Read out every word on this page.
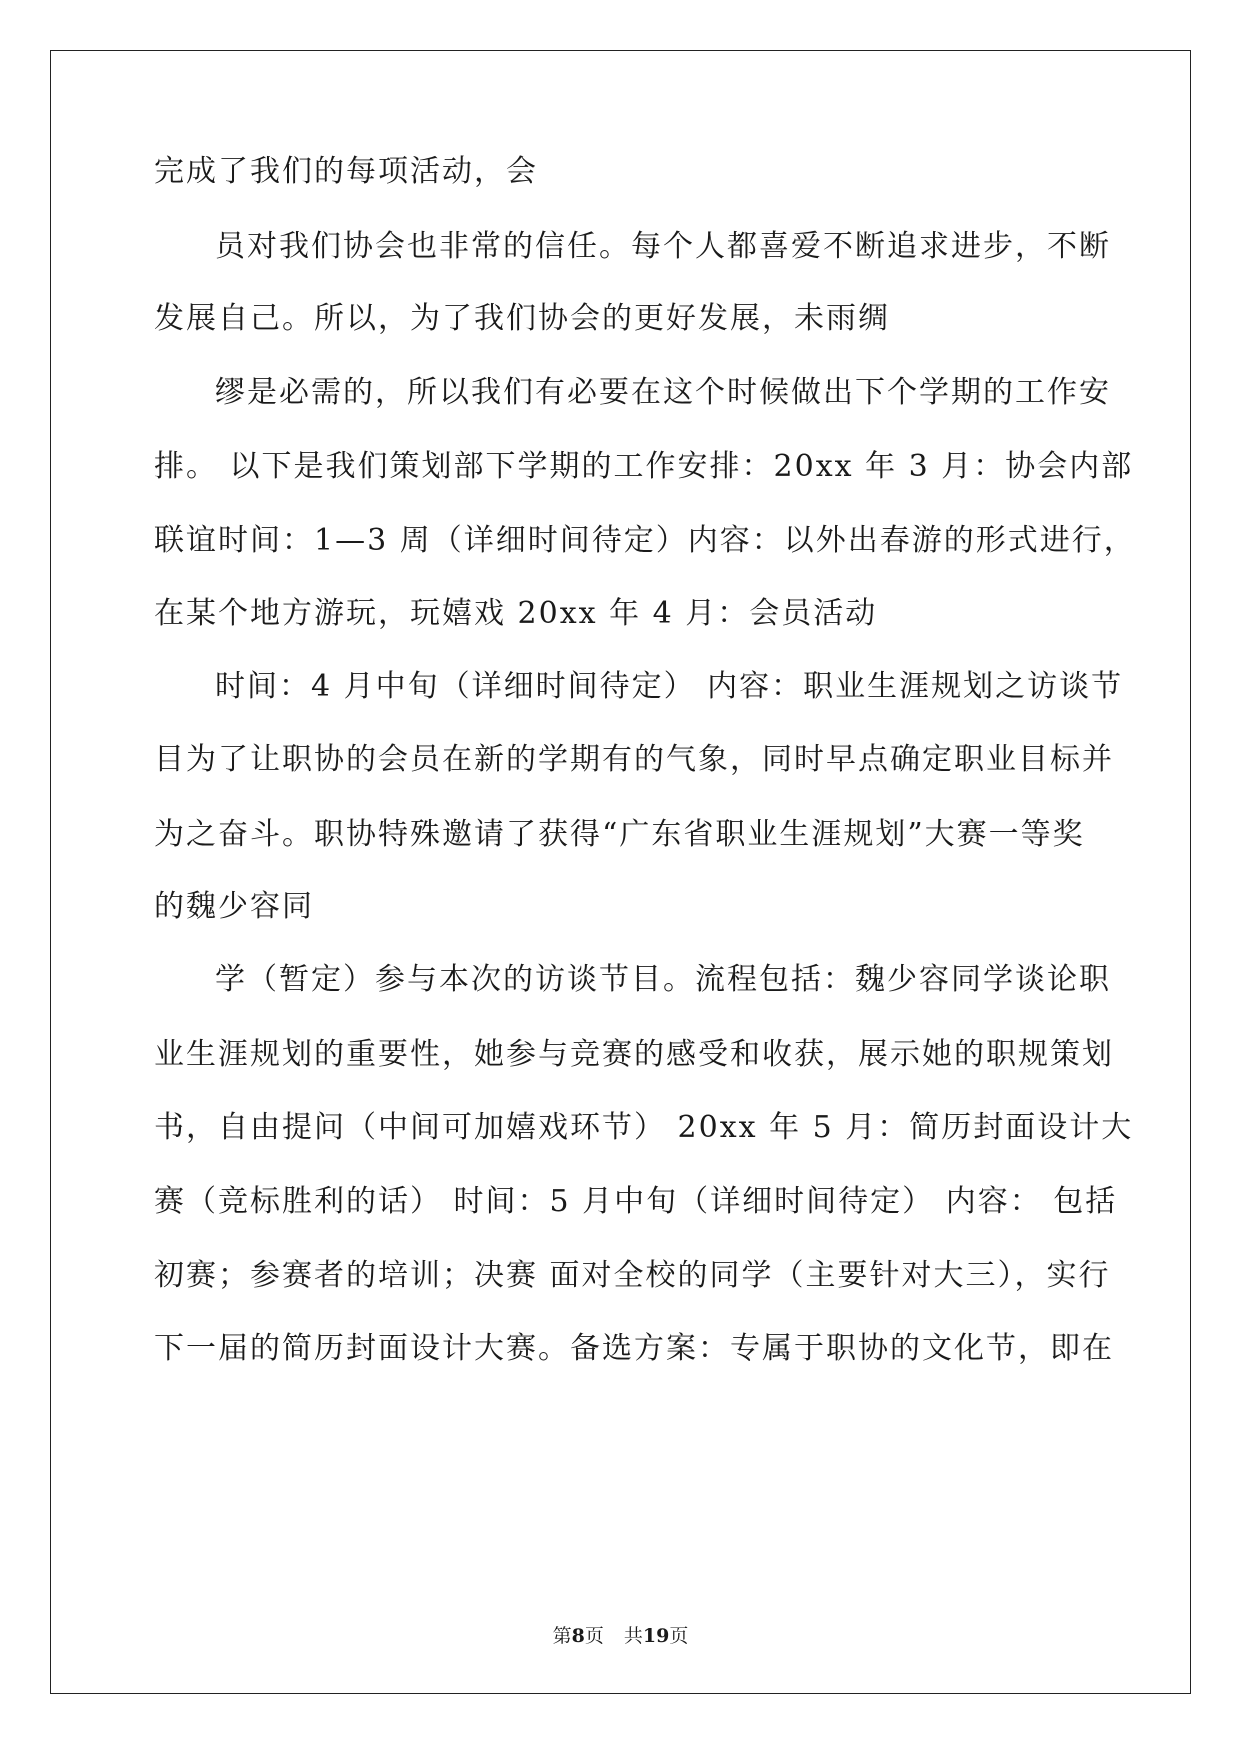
完成了我们的每项活动，会
员对我们协会也非常的信任。每个人都喜爱不断追求进步，不断
发展自己。所以，为了我们协会的更好发展，未雨绸
缪是必需的，所以我们有必要在这个时候做出下个学期的工作安
排。 以下是我们策划部下学期的工作安排：20xx 年 3 月：协会内部
联谊时间：1—3 周（详细时间待定）内容：以外出春游的形式进行，
在某个地方游玩，玩嬉戏 20xx 年 4 月：会员活动
时间：4 月中旬（详细时间待定） 内容：职业生涯规划之访谈节
目为了让职协的会员在新的学期有的气象，同时早点确定职业目标并
为之奋斗。职协特殊邀请了获得“广东省职业生涯规划”大赛一等奖
的魏少容同
学（暂定）参与本次的访谈节目。流程包括：魏少容同学谈论职
业生涯规划的重要性，她参与竞赛的感受和收获，展示她的职规策划
书，自由提问（中间可加嬉戏环节） 20xx 年 5 月：简历封面设计大
赛（竞标胜利的话） 时间：5 月中旬（详细时间待定） 内容： 包括
初赛；参赛者的培训；决赛 面对全校的同学（主要针对大三），实行
下一届的简历封面设计大赛。备选方案：专属于职协的文化节，即在
第8页 共19页
